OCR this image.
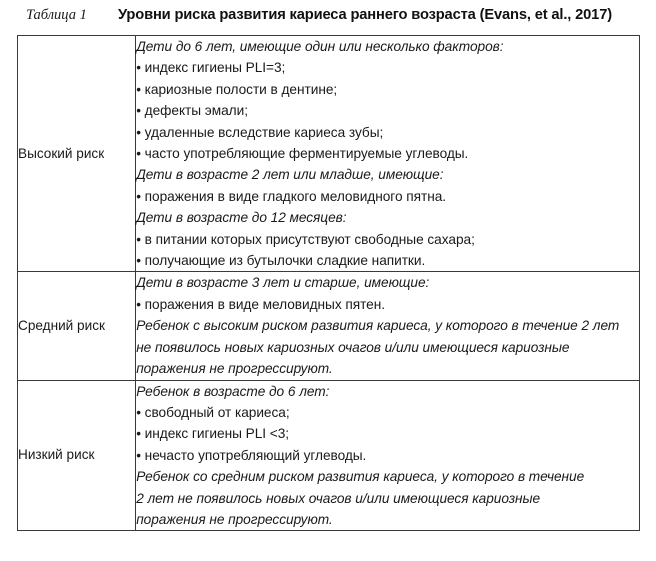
Таблица 1	Уровни риска развития кариеса раннего возраста (Evans, et al., 2017)
Высокий риск	
Дети до 6 лет, имеющие один или несколько факторов:
• индекс гигиены PLI=3;
• кариозные полости в дентине;
• дефекты эмали;
• удаленные вследствие кариеса зубы;
• часто употребляющие ферментируемые углеводы.
Дети в возрасте 2 лет или младше, имеющие:
• поражения в виде гладкого меловидного пятна.
Дети в возрасте до 12 месяцев:
• в питании которых присутствуют свободные сахара;
• получающие из бутылочки сладкие напитки.

Средний риск	
Дети в возрасте 3 лет и старше, имеющие:
• поражения в виде меловидных пятен.
Ребенок с высоким риском развития кариеса, у которого в течение 2 лет
не появилось новых кариозных очагов и/или имеющиеся кариозные
поражения не прогрессируют.

Низкий риск	
Ребенок в возрасте до 6 лет:
• свободный от кариеса;
• индекс гигиены PLI <3;
• нечасто употребляющий углеводы.
Ребенок со средним риском развития кариеса, у которого в течение
2 лет не появилось новых очагов и/или имеющиеся кариозные
поражения не прогрессируют.
